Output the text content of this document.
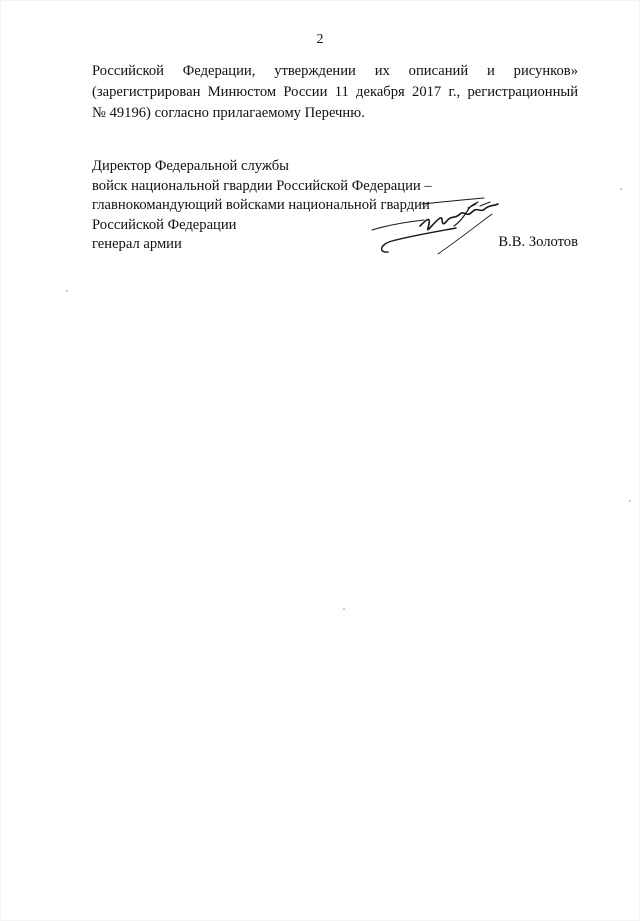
2

Российской Федерации, утверждении их описаний и рисунков»
(зарегистрирован Минюстом России 11 декабря 2017 г., регистрационный
№ 49196) согласно прилагаемому Перечню.

Директор Федеральной службы
войск национальной гвардии Российской Федерации –
главнокомандующий войсками национальной гвардии
Российской Федерации
генерал армии	В.В. Золотов
